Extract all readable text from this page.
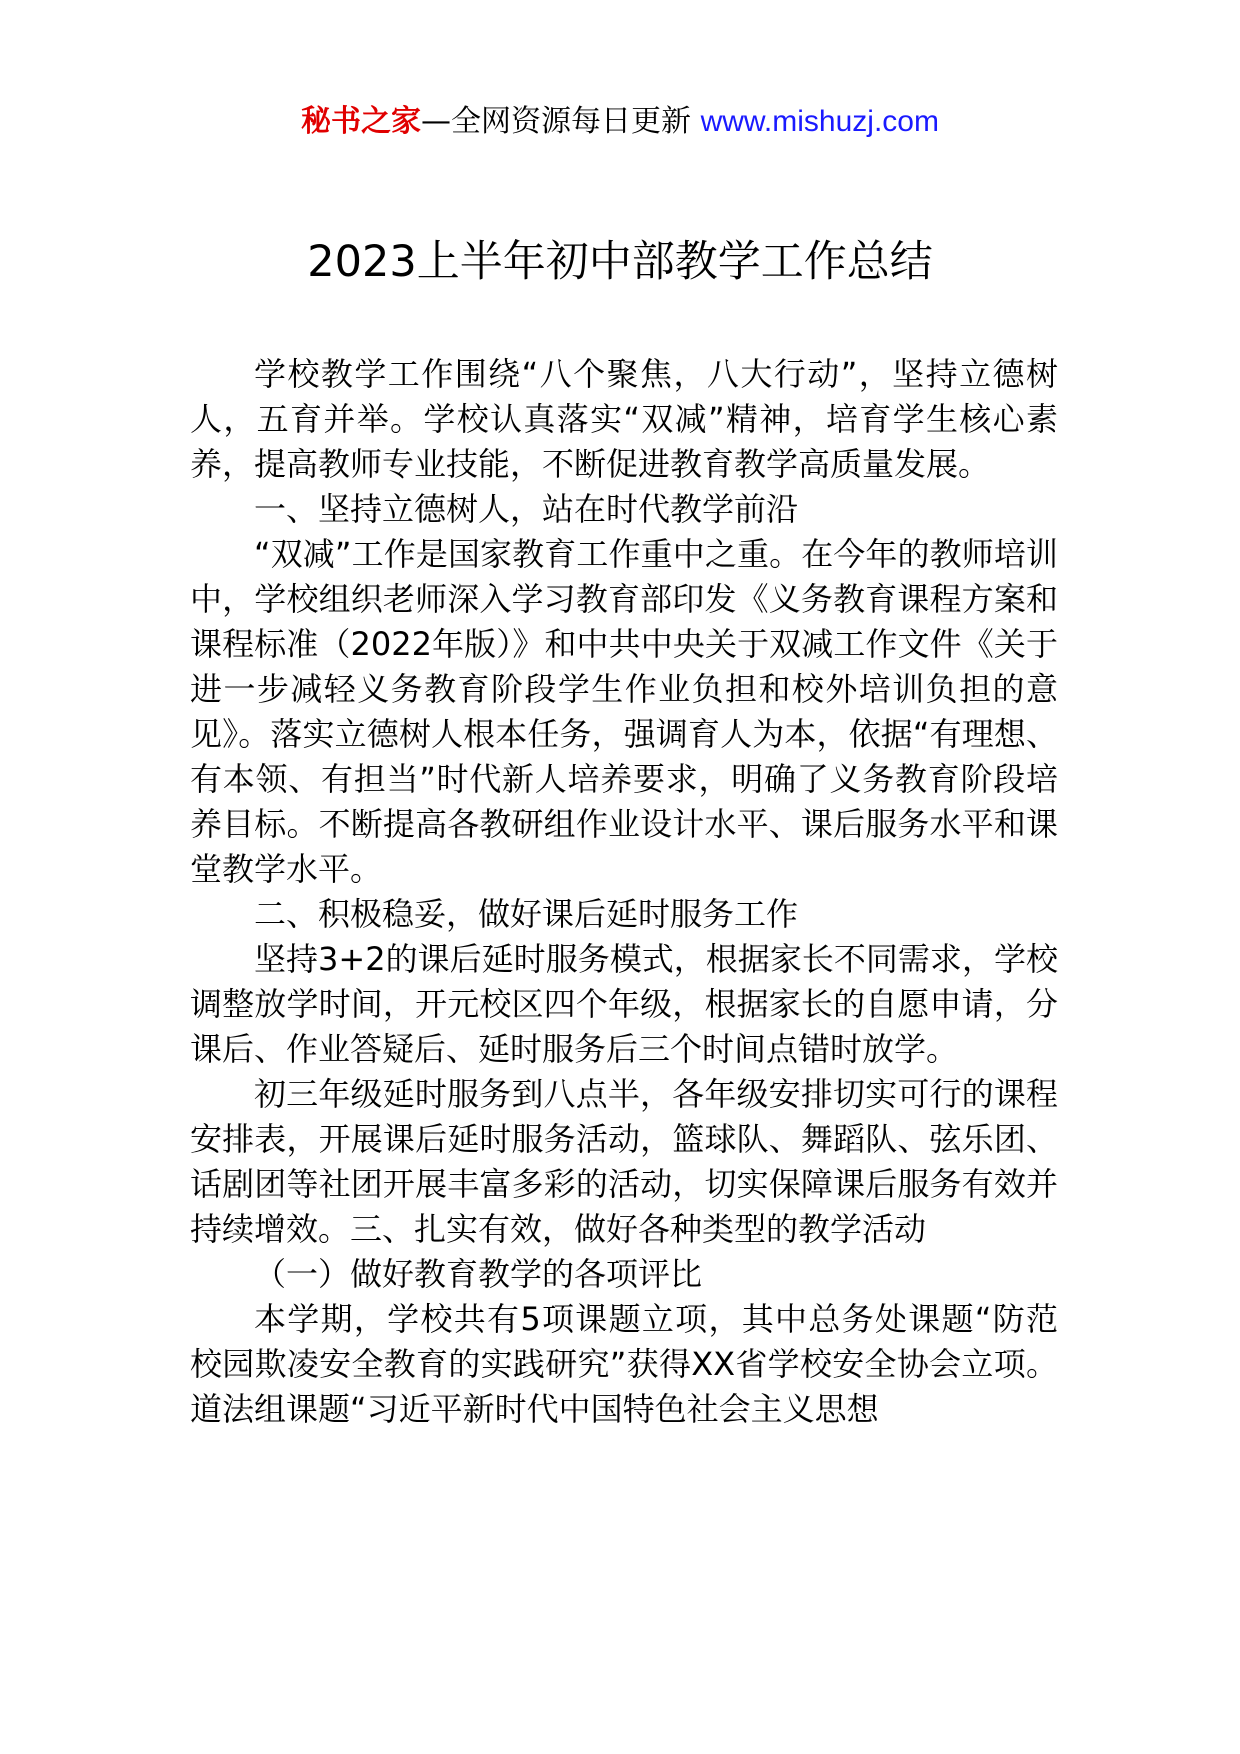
秘书之家—全网资源每日更新 www.mishuzj.com
2023上半年初中部教学工作总结

学校教学工作围绕“八个聚焦，八大行动”，坚持立德树人，五育并举。学校认真落实“双减”精神，培育学生核心素养，提高教师专业技能，不断促进教育教学高质量发展。

一、坚持立德树人，站在时代教学前沿

“双减”工作是国家教育工作重中之重。在今年的教师培训中，学校组织老师深入学习教育部印发《义务教育课程方案和课程标准（2022年版）》和中共中央关于双减工作文件《关于进一步减轻义务教育阶段学生作业负担和校外培训负担的意见》。落实立德树人根本任务，强调育人为本，依据“有理想、有本领、有担当”时代新人培养要求，明确了义务教育阶段培养目标。不断提高各教研组作业设计水平、课后服务水平和课堂教学水平。

二、积极稳妥，做好课后延时服务工作

坚持3+2的课后延时服务模式，根据家长不同需求，学校调整放学时间，开元校区四个年级，根据家长的自愿申请，分课后、作业答疑后、延时服务后三个时间点错时放学。

初三年级延时服务到八点半，各年级安排切实可行的课程安排表，开展课后延时服务活动，篮球队、舞蹈队、弦乐团、话剧团等社团开展丰富多彩的活动，切实保障课后服务有效并持续增效。三、扎实有效，做好各种类型的教学活动

（一）做好教育教学的各项评比

本学期，学校共有5项课题立项，其中总务处课题“防范校园欺凌安全教育的实践研究”获得XX省学校安全协会立项。道法组课题“习近平新时代中国特色社会主义思想
